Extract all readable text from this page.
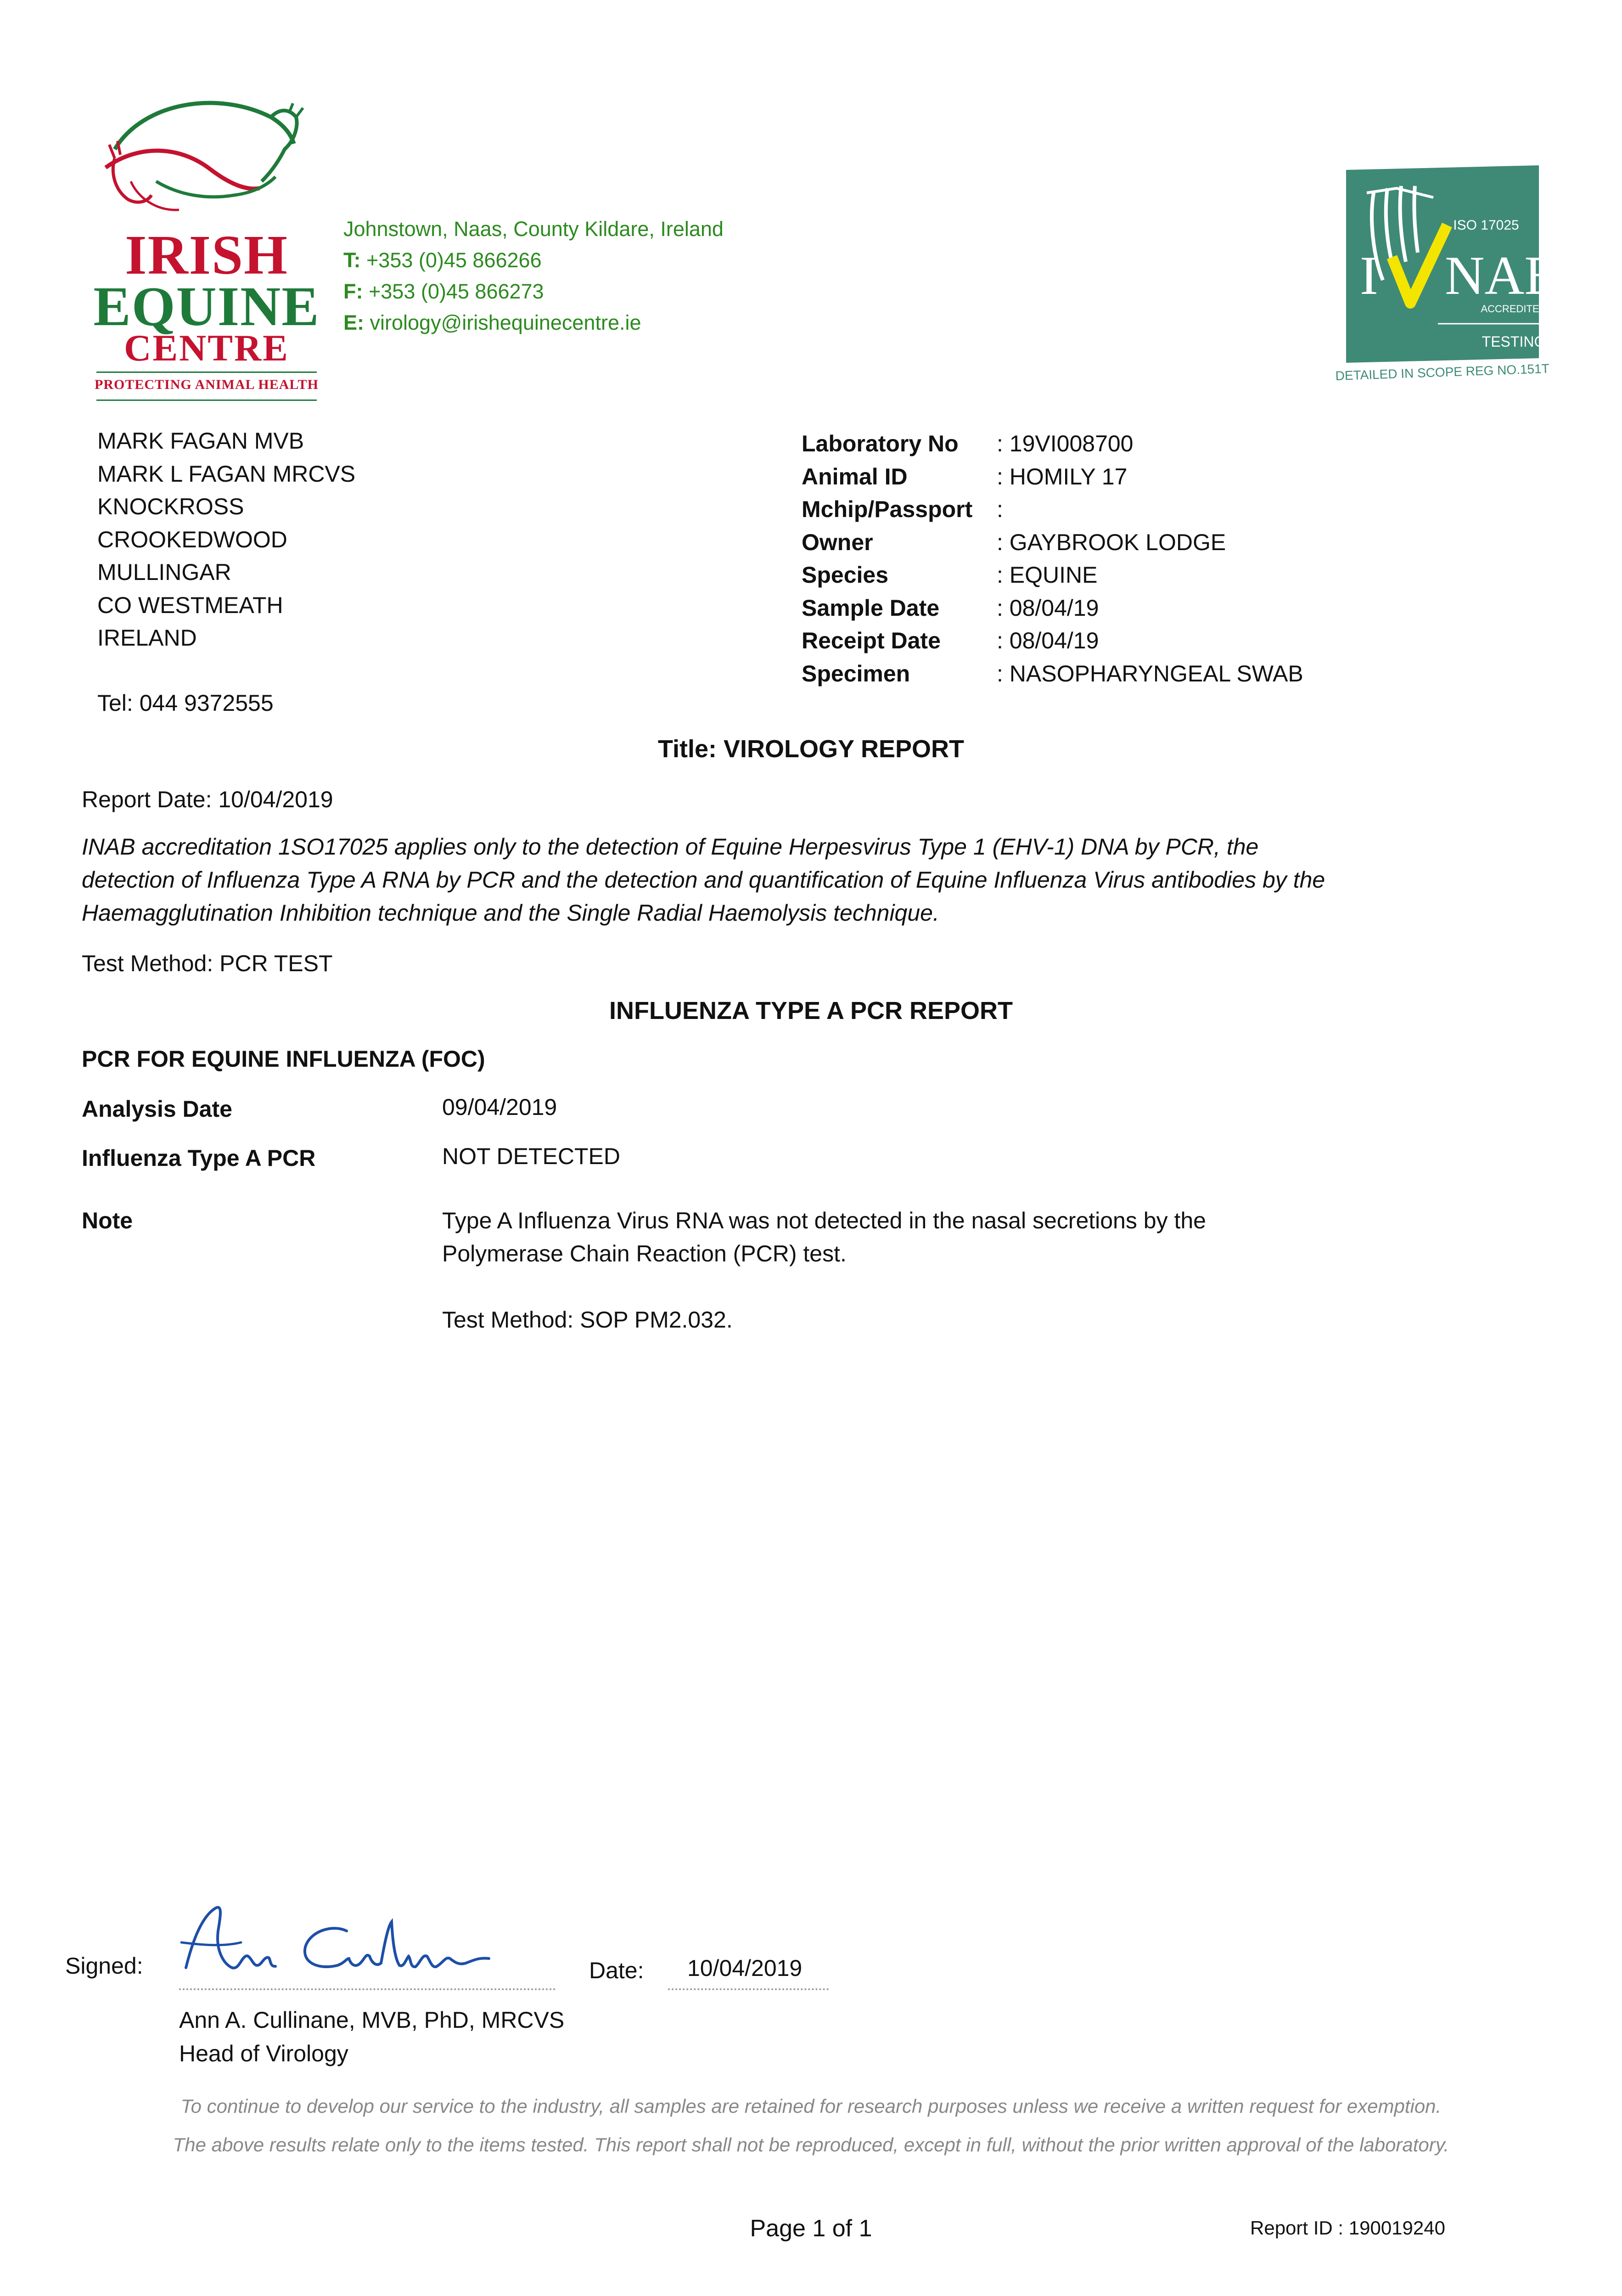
IRISH
EQUINE
CENTRE
PROTECTING ANIMAL HEALTH
Johnstown, Naas, County Kildare, Ireland
T: +353 (0)45 866266
F: +353 (0)45 866273
E: virology@irishequinecentre.ie
ISO 17025
I NAB
ACCREDITED
TESTING
DETAILED IN SCOPE REG NO.151T
MARK FAGAN MVB
MARK L FAGAN MRCVS
KNOCKROSS
CROOKEDWOOD
MULLINGAR
CO WESTMEATH
IRELAND
Tel: 044 9372555
Laboratory No : 19VI008700
Animal ID	: HOMILY 17
Mchip/Passport :
Owner	: GAYBROOK LODGE
Species	: EQUINE
Sample Date : 08/04/19
Receipt Date : 08/04/19
Specimen	: NASOPHARYNGEAL SWAB
Title: VIROLOGY REPORT
Report Date: 10/04/2019
INAB accreditation 1SO17025 applies only to the detection of Equine Herpesvirus Type 1 (EHV-1) DNA by PCR, the
detection of Influenza Type A RNA by PCR and the detection and quantification of Equine Influenza Virus antibodies by the
Haemagglutination Inhibition technique and the Single Radial Haemolysis technique.
Test Method: PCR TEST
INFLUENZA TYPE A PCR REPORT
PCR FOR EQUINE INFLUENZA (FOC)
Analysis Date	09/04/2019
Influenza Type A PCR	NOT DETECTED
Note	Type A Influenza Virus RNA was not detected in the nasal secretions by the
Polymerase Chain Reaction (PCR) test.
Test Method: SOP PM2.032.
Signed:	Date: 10/04/2019
Ann A. Cullinane, MVB, PhD, MRCVS
Head of Virology
To continue to develop our service to the industry, all samples are retained for research purposes unless we receive a written request for exemption.
The above results relate only to the items tested. This report shall not be reproduced, except in full, without the prior written approval of the laboratory.
Page 1 of 1	Report ID : 190019240
